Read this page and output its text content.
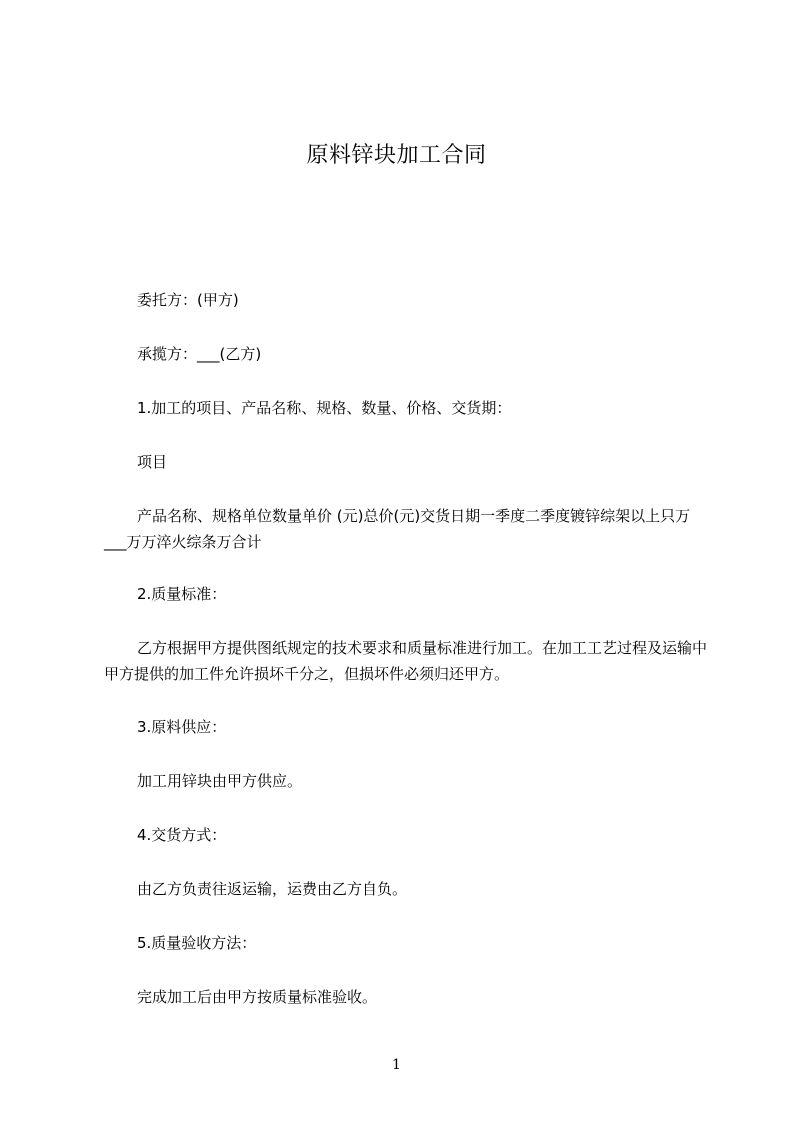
原料锌块加工合同
委托方：(甲方)
承揽方：___(乙方)
1.加工的项目、产品名称、规格、数量、价格、交货期：
项目
产品名称、规格单位数量单价 (元)总价(元)交货日期一季度二季度镀锌综架以上只万___万万淬火综条万合计
2.质量标准：
乙方根据甲方提供图纸规定的技术要求和质量标准进行加工。在加工工艺过程及运输中甲方提供的加工件允许损坏千分之，但损坏件必须归还甲方。
3.原料供应：
加工用锌块由甲方供应。
4.交货方式：
由乙方负责往返运输，运费由乙方自负。
5.质量验收方法：
完成加工后由甲方按质量标准验收。
1
